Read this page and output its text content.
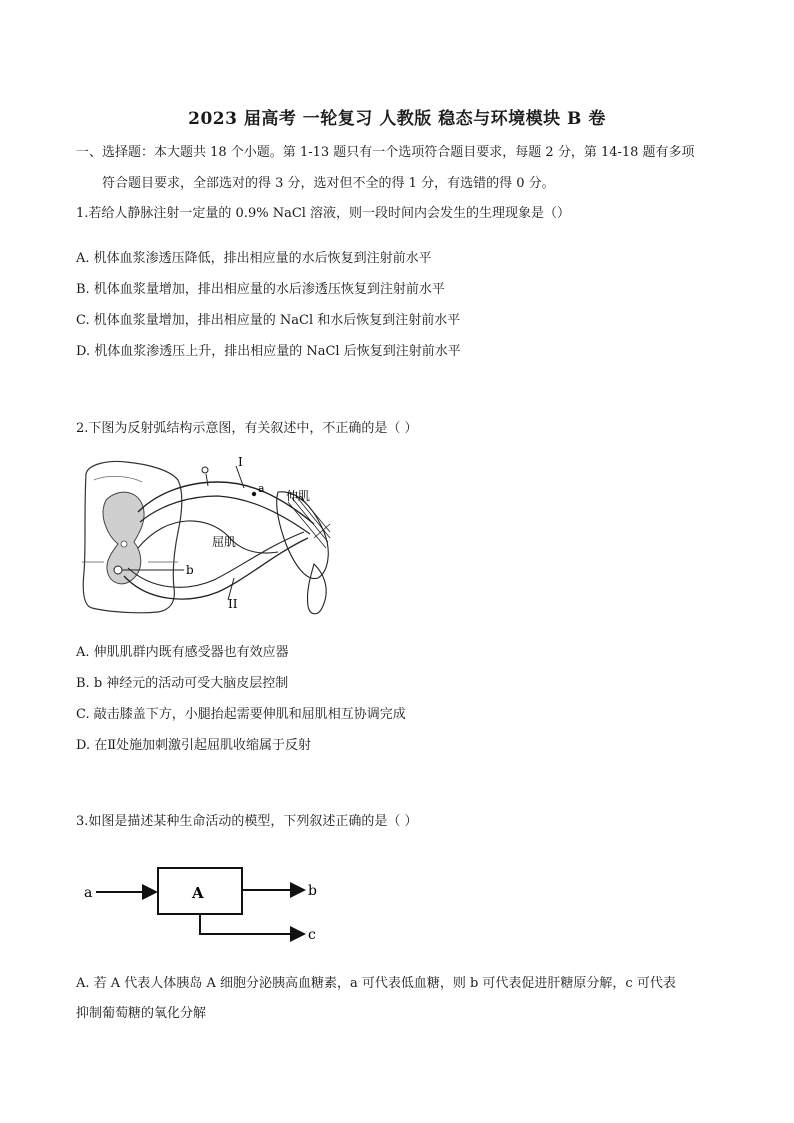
2023 届高考 一轮复习 人教版 稳态与环境模块 B 卷
一、选择题：本大题共 18 个小题。第 1-13 题只有一个选项符合题目要求，每题 2 分，第 14-18 题有多项
符合题目要求，全部选对的得 3 分，选对但不全的得 1 分，有选错的得 0 分。
1.若给人静脉注射一定量的 0.9% NaCl 溶液，则一段时间内会发生的生理现象是（）
A. 机体血浆渗透压降低，排出相应量的水后恢复到注射前水平
B. 机体血浆量增加，排出相应量的水后渗透压恢复到注射前水平
C. 机体血浆量增加，排出相应量的 NaCl 和水后恢复到注射前水平
D. 机体血浆渗透压上升，排出相应量的 NaCl 后恢复到注射前水平
2.下图为反射弧结构示意图，有关叙述中，不正确的是（ ）
I
a
伸肌
屈肌
b
II
A. 伸肌肌群内既有感受器也有效应器
B. b 神经元的活动可受大脑皮层控制
C. 敲击膝盖下方，小腿抬起需要伸肌和屈肌相互协调完成
D. 在Ⅱ处施加刺激引起屈肌收缩属于反射
3.如图是描述某种生命活动的模型，下列叙述正确的是（ ）
a	A	b
c
A. 若 A 代表人体胰岛 A 细胞分泌胰高血糖素，a 可代表低血糖，则 b 可代表促进肝糖原分解，c 可代表
抑制葡萄糖的氧化分解
